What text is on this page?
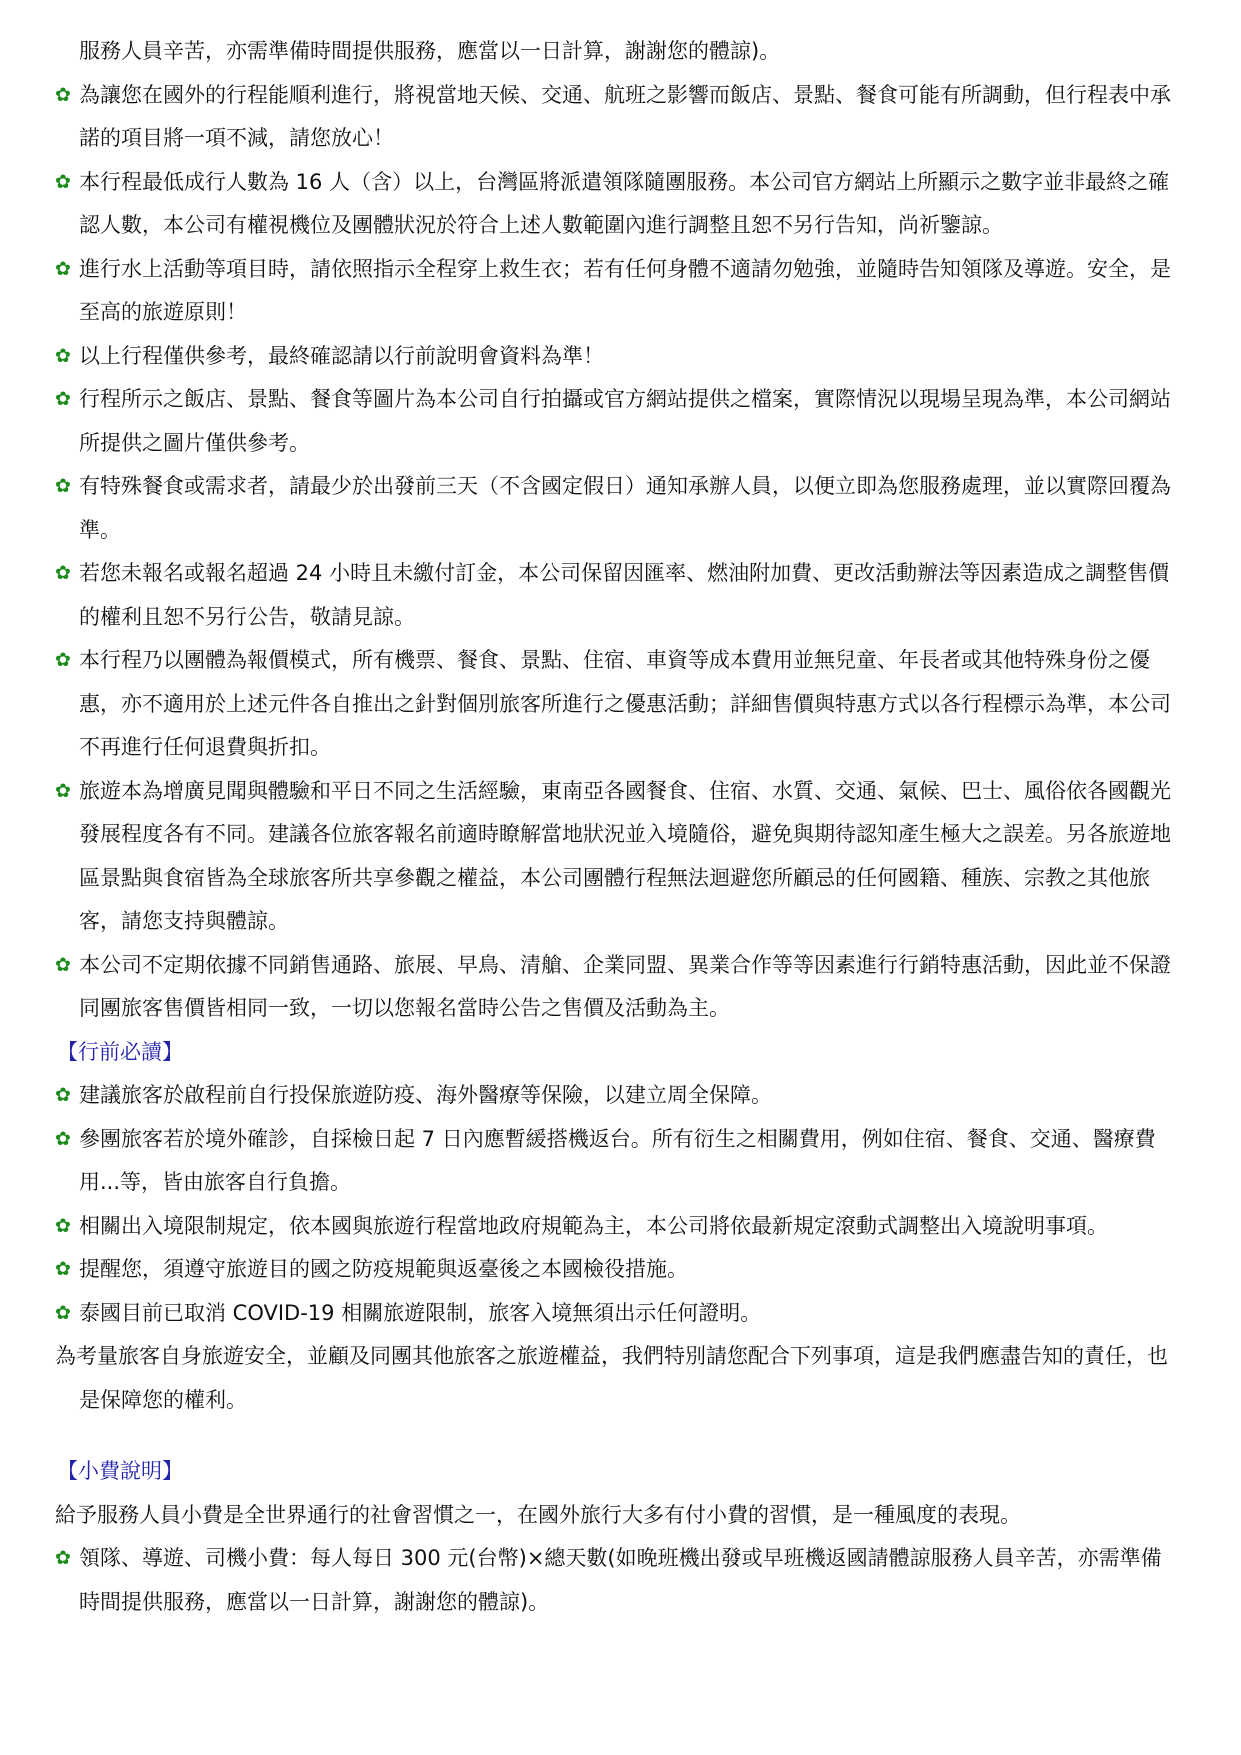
服務人員辛苦，亦需準備時間提供服務，應當以一日計算，謝謝您的體諒)。

✿ 為讓您在國外的行程能順利進行，將視當地天候、交通、航班之影響而飯店、景點、餐食可能有所調動，但行程表中承諾的項目將一項不減，請您放心！

✿ 本行程最低成行人數為 16 人（含）以上，台灣區將派遣領隊隨團服務。本公司官方網站上所顯示之數字並非最終之確認人數，本公司有權視機位及團體狀況於符合上述人數範圍內進行調整且恕不另行告知，尚祈鑒諒。

✿ 進行水上活動等項目時，請依照指示全程穿上救生衣；若有任何身體不適請勿勉強，並隨時告知領隊及導遊。安全，是至高的旅遊原則！

✿ 以上行程僅供參考，最終確認請以行前說明會資料為準！

✿ 行程所示之飯店、景點、餐食等圖片為本公司自行拍攝或官方網站提供之檔案，實際情況以現場呈現為準，本公司網站所提供之圖片僅供參考。

✿ 有特殊餐食或需求者，請最少於出發前三天（不含國定假日）通知承辦人員，以便立即為您服務處理，並以實際回覆為準。

✿ 若您未報名或報名超過 24 小時且未繳付訂金，本公司保留因匯率、燃油附加費、更改活動辦法等因素造成之調整售價的權利且恕不另行公告，敬請見諒。

✿ 本行程乃以團體為報價模式，所有機票、餐食、景點、住宿、車資等成本費用並無兒童、年長者或其他特殊身份之優惠，亦不適用於上述元件各自推出之針對個別旅客所進行之優惠活動；詳細售價與特惠方式以各行程標示為準，本公司不再進行任何退費與折扣。

✿ 旅遊本為增廣見聞與體驗和平日不同之生活經驗，東南亞各國餐食、住宿、水質、交通、氣候、巴士、風俗依各國觀光發展程度各有不同。建議各位旅客報名前適時瞭解當地狀況並入境隨俗，避免與期待認知產生極大之誤差。另各旅遊地區景點與食宿皆為全球旅客所共享參觀之權益，本公司團體行程無法迴避您所顧忌的任何國籍、種族、宗教之其他旅客，請您支持與體諒。

✿ 本公司不定期依據不同銷售通路、旅展、早鳥、清艙、企業同盟、異業合作等等因素進行行銷特惠活動，因此並不保證同團旅客售價皆相同一致，一切以您報名當時公告之售價及活動為主。

【行前必讀】

✿ 建議旅客於啟程前自行投保旅遊防疫、海外醫療等保險，以建立周全保障。

✿ 參團旅客若於境外確診，自採檢日起 7 日內應暫緩搭機返台。所有衍生之相關費用，例如住宿、餐食、交通、醫療費用...等，皆由旅客自行負擔。

✿ 相關出入境限制規定，依本國與旅遊行程當地政府規範為主，本公司將依最新規定滾動式調整出入境說明事項。

✿ 提醒您，須遵守旅遊目的國之防疫規範與返臺後之本國檢役措施。

✿ 泰國目前已取消 COVID-19 相關旅遊限制，旅客入境無須出示任何證明。

為考量旅客自身旅遊安全，並顧及同團其他旅客之旅遊權益，我們特別請您配合下列事項，這是我們應盡告知的責任，也是保障您的權利。

【小費說明】

給予服務人員小費是全世界通行的社會習慣之一，在國外旅行大多有付小費的習慣，是一種風度的表現。

✿ 領隊、導遊、司機小費：每人每日 300 元(台幣)×總天數(如晚班機出發或早班機返國請體諒服務人員辛苦，亦需準備時間提供服務，應當以一日計算，謝謝您的體諒)。
